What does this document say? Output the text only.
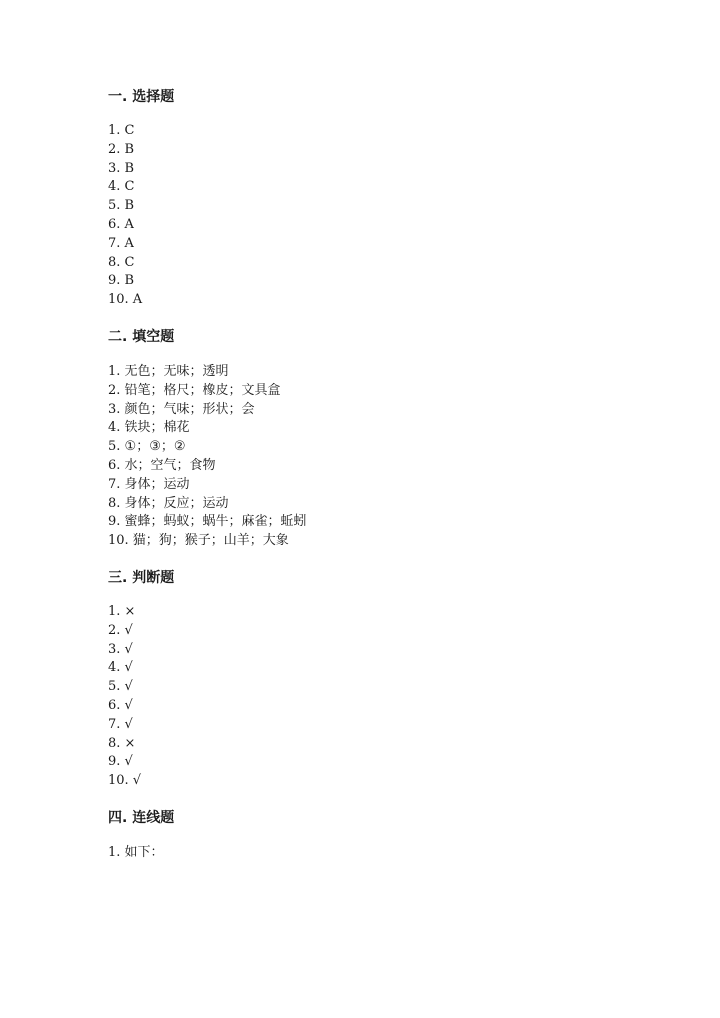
一. 选择题
1. C
2. B
3. B
4. C
5. B
6. A
7. A
8. C
9. B
10. A
二. 填空题
1. 无色；无味；透明
2. 铅笔；格尺；橡皮；文具盒
3. 颜色；气味；形状；会
4. 铁块；棉花
5. ①；③；②
6. 水；空气；食物
7. 身体；运动
8. 身体；反应；运动
9. 蜜蜂；蚂蚁；蜗牛；麻雀；蚯蚓
10. 猫；狗；猴子；山羊；大象
三. 判断题
1. ×
2. √
3. √
4. √
5. √
6. √
7. √
8. ×
9. √
10. √
四. 连线题
1. 如下：
